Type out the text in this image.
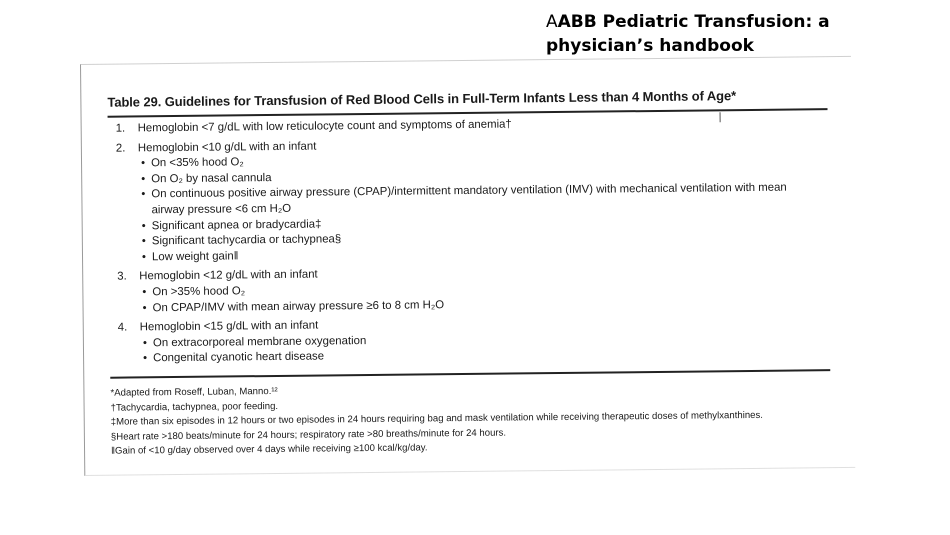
AABB Pediatric Transfusion: a physician’s handbook
Table 29. Guidelines for Transfusion of Red Blood Cells in Full-Term Infants Less than 4 Months of Age*
1.	Hemoglobin <7 g/dL with low reticulocyte count and symptoms of anemia†
2.	Hemoglobin <10 g/dL with an infant
• On <35% hood O₂
• On O₂ by nasal cannula
• On continuous positive airway pressure (CPAP)/intermittent mandatory ventilation (IMV) with mechanical ventilation with mean airway pressure <6 cm H₂O
• Significant apnea or bradycardia‡
• Significant tachycardia or tachypnea§
• Low weight gain‖
3.	Hemoglobin <12 g/dL with an infant
• On >35% hood O₂
• On CPAP/IMV with mean airway pressure ≥6 to 8 cm H₂O
4.	Hemoglobin <15 g/dL with an infant
• On extracorporeal membrane oxygenation
• Congenital cyanotic heart disease
*Adapted from Roseff, Luban, Manno.¹²
†Tachycardia, tachypnea, poor feeding.
‡More than six episodes in 12 hours or two episodes in 24 hours requiring bag and mask ventilation while receiving therapeutic doses of methylxanthines.
§Heart rate >180 beats/minute for 24 hours; respiratory rate >80 breaths/minute for 24 hours.
‖Gain of <10 g/day observed over 4 days while receiving ≥100 kcal/kg/day.
